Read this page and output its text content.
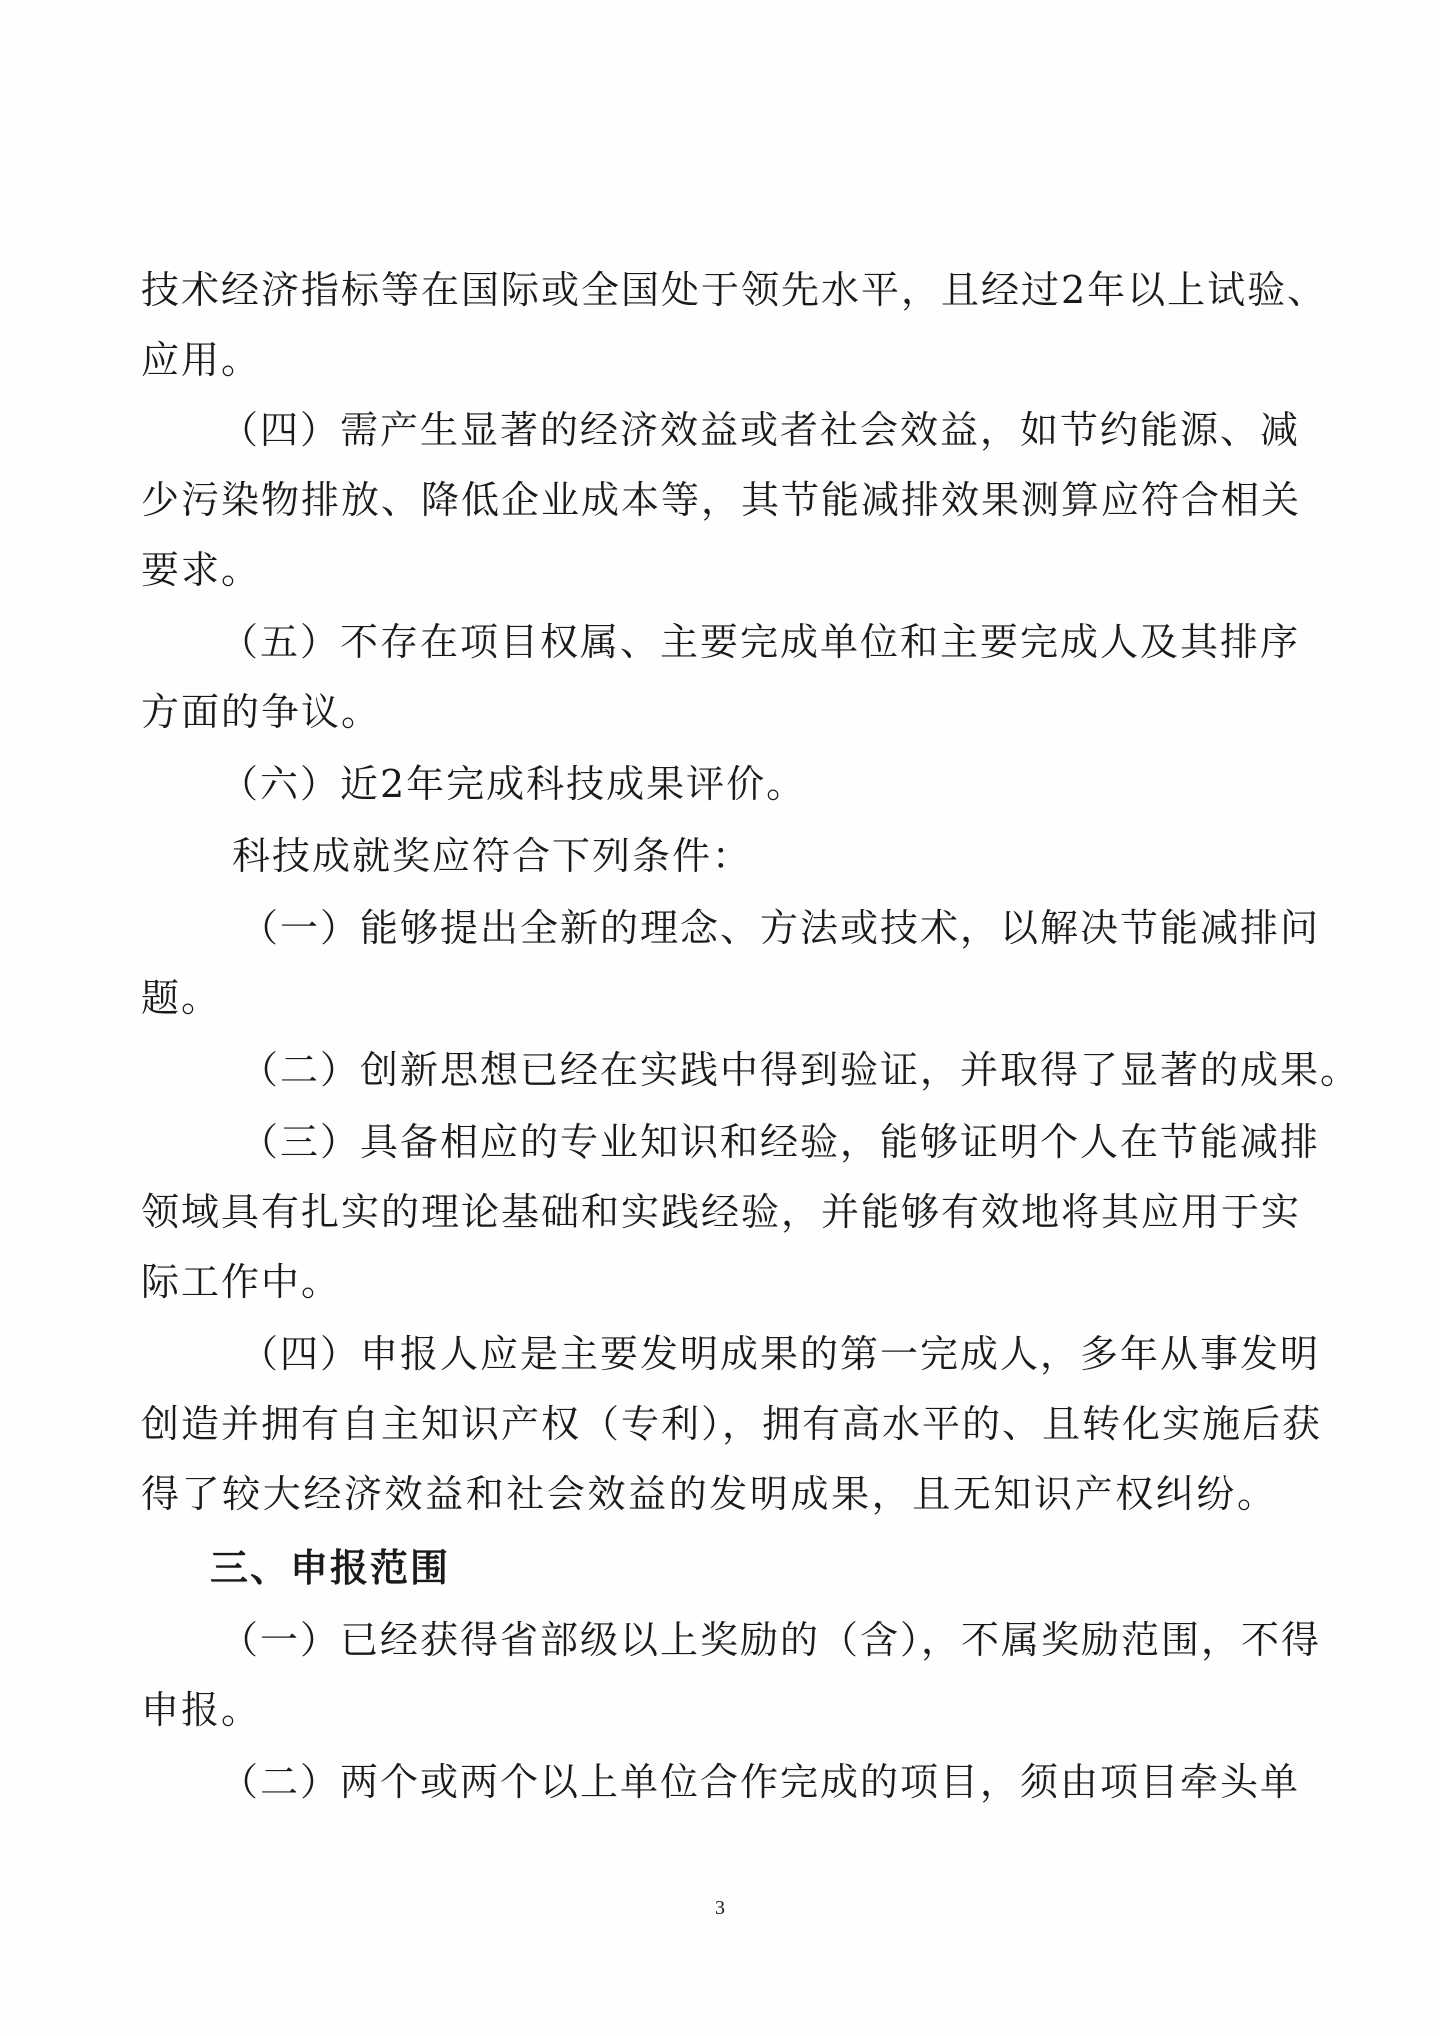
技术经济指标等在国际或全国处于领先水平，且经过2年以上试验、
应用。
（四）需产生显著的经济效益或者社会效益，如节约能源、减
少污染物排放、降低企业成本等，其节能减排效果测算应符合相关
要求。
（五）不存在项目权属、主要完成单位和主要完成人及其排序
方面的争议。
（六）近2年完成科技成果评价。
科技成就奖应符合下列条件：
（一）能够提出全新的理念、方法或技术，以解决节能减排问
题。
（二）创新思想已经在实践中得到验证，并取得了显著的成果。
（三）具备相应的专业知识和经验，能够证明个人在节能减排
领域具有扎实的理论基础和实践经验，并能够有效地将其应用于实
际工作中。
（四）申报人应是主要发明成果的第一完成人，多年从事发明
创造并拥有自主知识产权（专利），拥有高水平的、且转化实施后获
得了较大经济效益和社会效益的发明成果，且无知识产权纠纷。
三、申报范围
（一）已经获得省部级以上奖励的（含），不属奖励范围，不得
申报。
（二）两个或两个以上单位合作完成的项目，须由项目牵头单
3
